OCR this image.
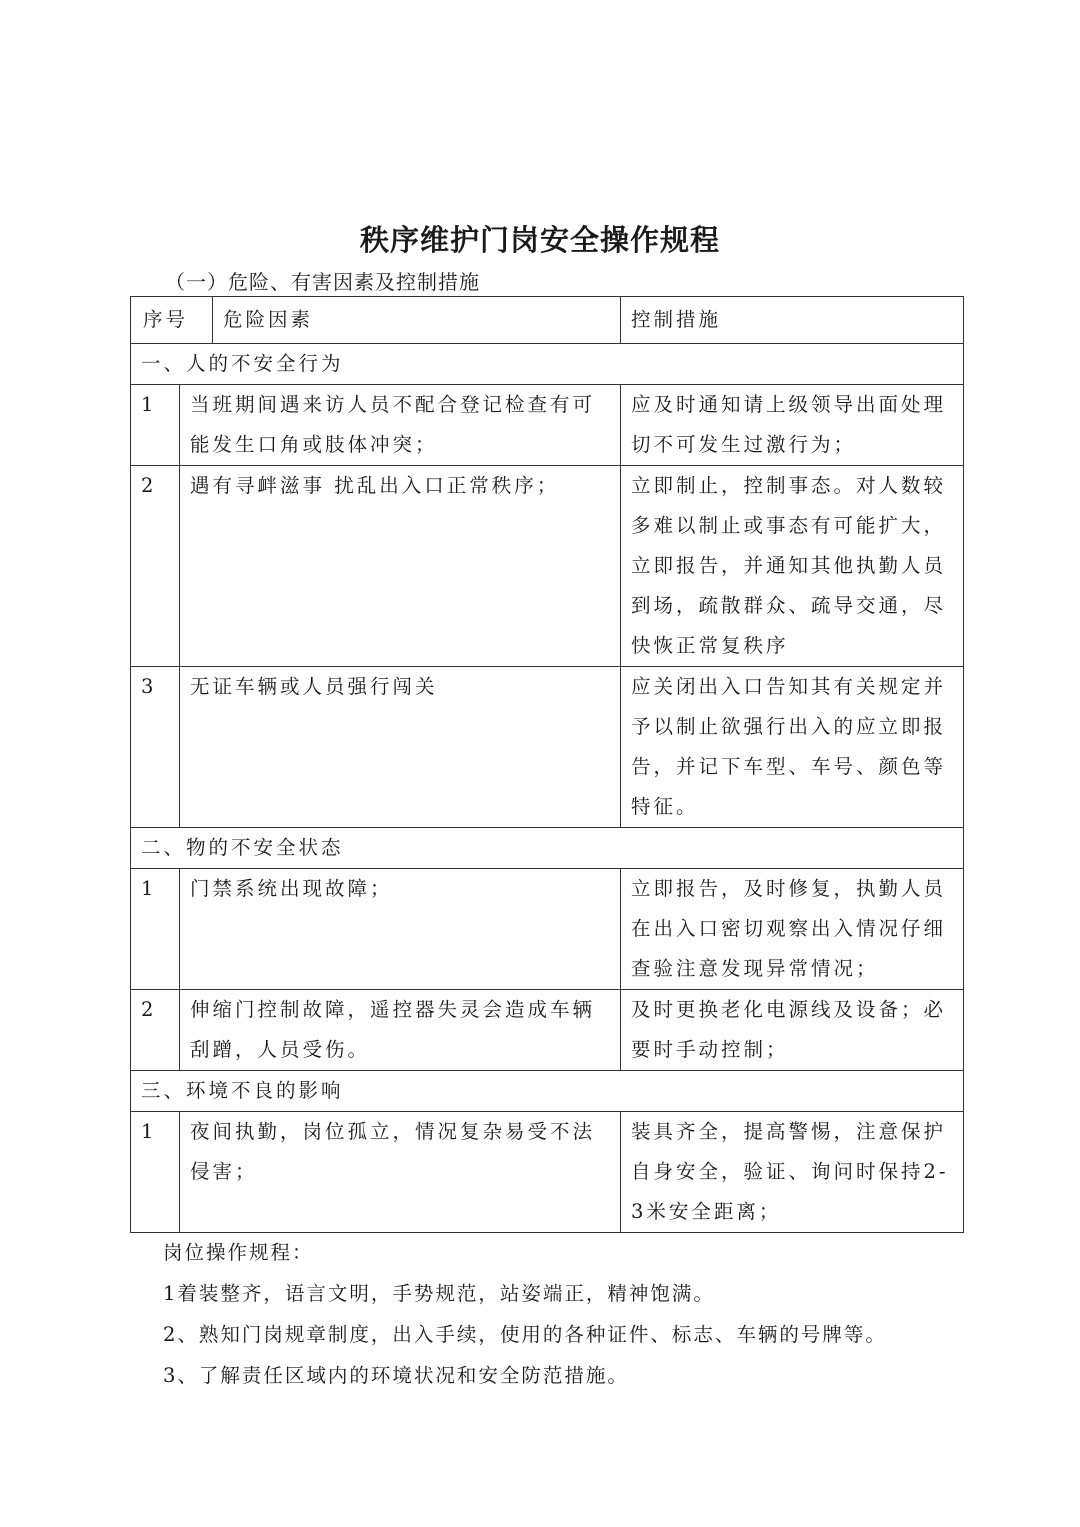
秩序维护门岗安全操作规程
（一）危险、有害因素及控制措施
序号		危险因素	控制措施
一、人的不安全行为			
1	当班期间遇来访人员不配合登记检查有可能发生口角或肢体冲突；		应及时通知请上级领导出面处理切不可发生过激行为；
2	遇有寻衅滋事 扰乱出入口正常秩序；		立即制止，控制事态。对人数较多难以制止或事态有可能扩大，立即报告，并通知其他执勤人员到场，疏散群众、疏导交通，尽快恢正常复秩序
3	无证车辆或人员强行闯关		应关闭出入口告知其有关规定并予以制止欲强行出入的应立即报告，并记下车型、车号、颜色等特征。
二、物的不安全状态			
1	门禁系统出现故障；		立即报告，及时修复，执勤人员在出入口密切观察出入情况仔细查验注意发现异常情况；
2	伸缩门控制故障，遥控器失灵会造成车辆刮蹭，人员受伤。		及时更换老化电源线及设备；必要时手动控制；
三、环境不良的影响			
1	夜间执勤，岗位孤立，情况复杂易受不法侵害；		装具齐全，提高警惕，注意保护自身安全，验证、询问时保持2-3米安全距离；
岗位操作规程：
1着装整齐，语言文明，手势规范，站姿端正，精神饱满。
2、熟知门岗规章制度，出入手续，使用的各种证件、标志、车辆的号牌等。
3、了解责任区域内的环境状况和安全防范措施。
